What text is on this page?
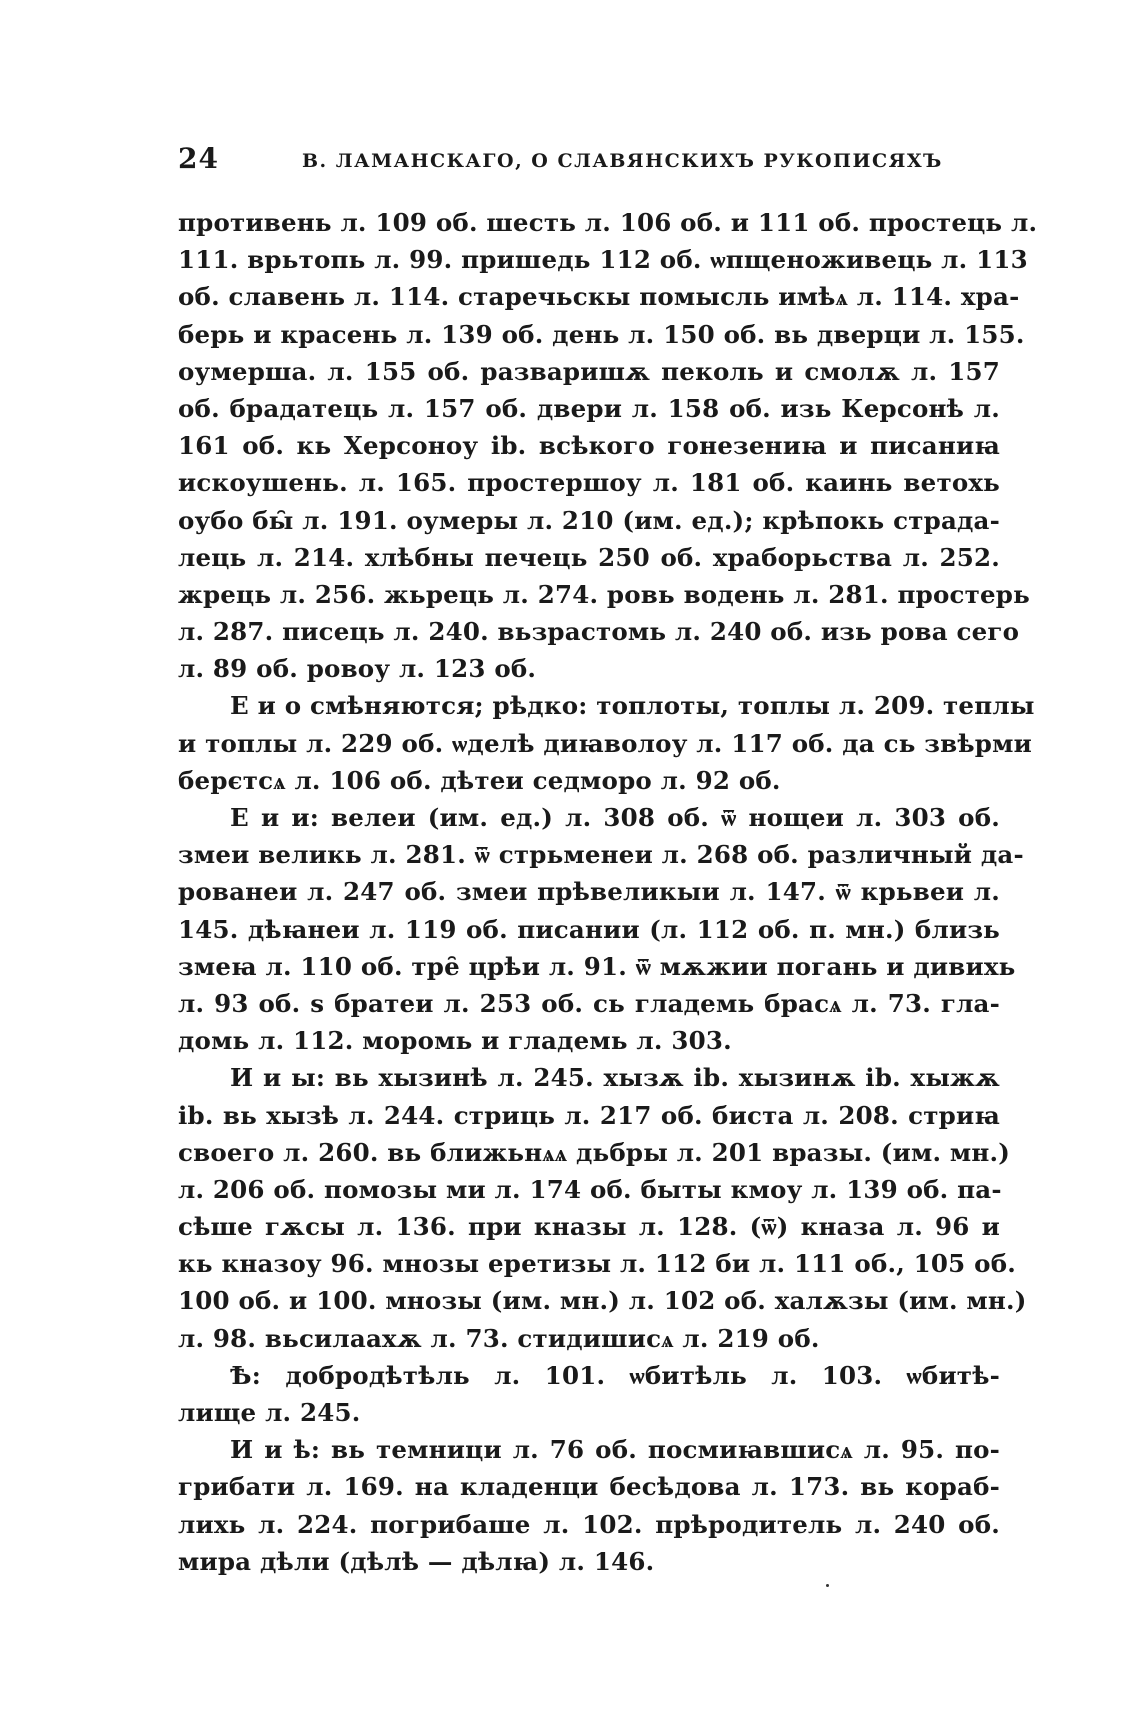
24	В. ЛАМАНСКАГО, О СЛАВЯНСКИХЪ РУКОПИСЯХЪ
противень л. 109 об. шесть л. 106 об. и 111 об. простець л.
111. врьтопь л. 99. пришедь 112 об. ѡпщеноживець л. 113
об. славень л. 114. старечьскы помысль имѣѧ л. 114. хра-
берь и красень л. 139 об. день л. 150 об. вь дверци л. 155.
оумерша. л. 155 об. разваришѫ пеколь и смолѫ л. 157
об. брадатець л. 157 об. двери л. 158 об. изь Керсонѣ л.
161 об. кь Херсоноу ib. всѣкого гонезениꙗ и писаниꙗ
искоушень. л. 165. простершоу л. 181 об. каинь ветохь
оубо бы̑ л. 191. оумеры л. 210 (им. ед.); крѣпокь страда-
лець л. 214. хлѣбны печець 250 об. храборьства л. 252.
жрець л. 256. жьрець л. 274. ровь водень л. 281. простерь
л. 287. писець л. 240. вьзрастомь л. 240 об. изь рова сего
л. 89 об. ровоу л. 123 об.
Е и о смѣняются; рѣдко: топлоты, топлы л. 209. теплы
и топлы л. 229 об. ѡделѣ диꙗволоу л. 117 об. да сь звѣрми
берєтсѧ л. 106 об. дѣтеи седморо л. 92 об.
Е и и: велеи (им. ед.) л. 308 об. ѿ нощеи л. 303 об.
змеи великь л. 281. ѿ стрьменеи л. 268 об. различный да-
рованеи л. 247 об. змеи прѣвеликыи л. 147. ѿ крьвеи л.
145. дѣꙗнеи л. 119 об. писании (л. 112 об. п. мн.) близь
змеꙗ л. 110 об. тре̑ црѣи л. 91. ѿ мѫжии погань и дивихь
л. 93 об. ѕ братеи л. 253 об. сь гладемь брасѧ л. 73. гла-
домь л. 112. моромь и гладемь л. 303.
И и ы: вь хызинѣ л. 245. хызѫ ib. хызинѫ ib. хыжѫ
ib. вь хызѣ л. 244. стриць л. 217 об. биста л. 208. стриꙗ
своего л. 260. вь ближьнѧѧ дьбры л. 201 вразы. (им. мн.)
л. 206 об. помозы ми л. 174 об. быты кмоу л. 139 об. па-
сѣше гѫсы л. 136. при кназы л. 128. (ѿ) кназа л. 96 и
кь кназоу 96. мнозы еретизы л. 112 би л. 111 об., 105 об.
100 об. и 100. мнозы (им. мн.) л. 102 об. халѫзы (им. мн.)
л. 98. вьсилаахѫ л. 73. стидишисѧ л. 219 об.
Ѣ: добродѣтѣль л. 101. ѡбитѣль л. 103. ѡбитѣ-
лище л. 245.
И и ѣ: вь темници л. 76 об. посмиꙗвшисѧ л. 95. по-
грибати л. 169. на кладенци бесѣдова л. 173. вь кораб-
лихь л. 224. погрибаше л. 102. прѣродитель л. 240 об.
мира дѣли (дѣлѣ — дѣлꙗ) л. 146.
